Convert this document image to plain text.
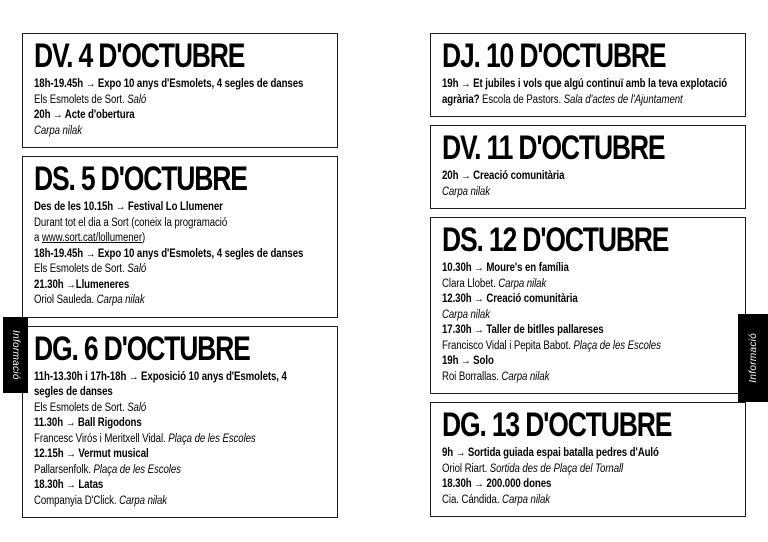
DV. 4 D'OCTUBRE

18h-19.45h → Expo 10 anys d'Esmolets, 4 segles de danses

Els Esmolets de Sort. Saló

20h → Acte d'obertura

Carpa nilak

DS. 5 D'OCTUBRE

Des de les 10.15h → Festival Lo Llumener

Durant tot el dia a Sort (coneix la programació

a www.sort.cat/lollumener)

18h-19.45h → Expo 10 anys d'Esmolets, 4 segles de danses

Els Esmolets de Sort. Saló

21.30h →Llumeneres

Oriol Sauleda. Carpa nilak

DG. 6 D'OCTUBRE

11h-13.30h i 17h-18h → Exposició 10 anys d'Esmolets, 4

segles de danses

Els Esmolets de Sort. Saló

11.30h → Ball Rigodons

Francesc Virós i Meritxell Vidal. Plaça de les Escoles

12.15h → Vermut musical

Pallarsenfolk. Plaça de les Escoles

18.30h → Latas

Companyia D'Click. Carpa nilak

DJ. 10 D'OCTUBRE

19h → Et jubiles i vols que algú continuï amb la teva explotació

agrària? Escola de Pastors. Sala d'actes de l'Ajuntament

DV. 11 D'OCTUBRE

20h → Creació comunitària

Carpa nilak

DS. 12 D'OCTUBRE

10.30h → Moure's en família

Clara Llobet. Carpa nilak

12.30h → Creació comunitària

Carpa nilak

17.30h → Taller de bitlles pallareses

Francisco Vidal i Pepita Babot. Plaça de les Escoles

19h → Solo

Roi Borrallas. Carpa nilak

DG. 13 D'OCTUBRE

9h → Sortida guiada espai batalla pedres d'Auló

Oriol Riart. Sortida des de Plaça del Tornall

18.30h → 200.000 dones

Cia. Cándida. Carpa nilak

Informació	Informació
